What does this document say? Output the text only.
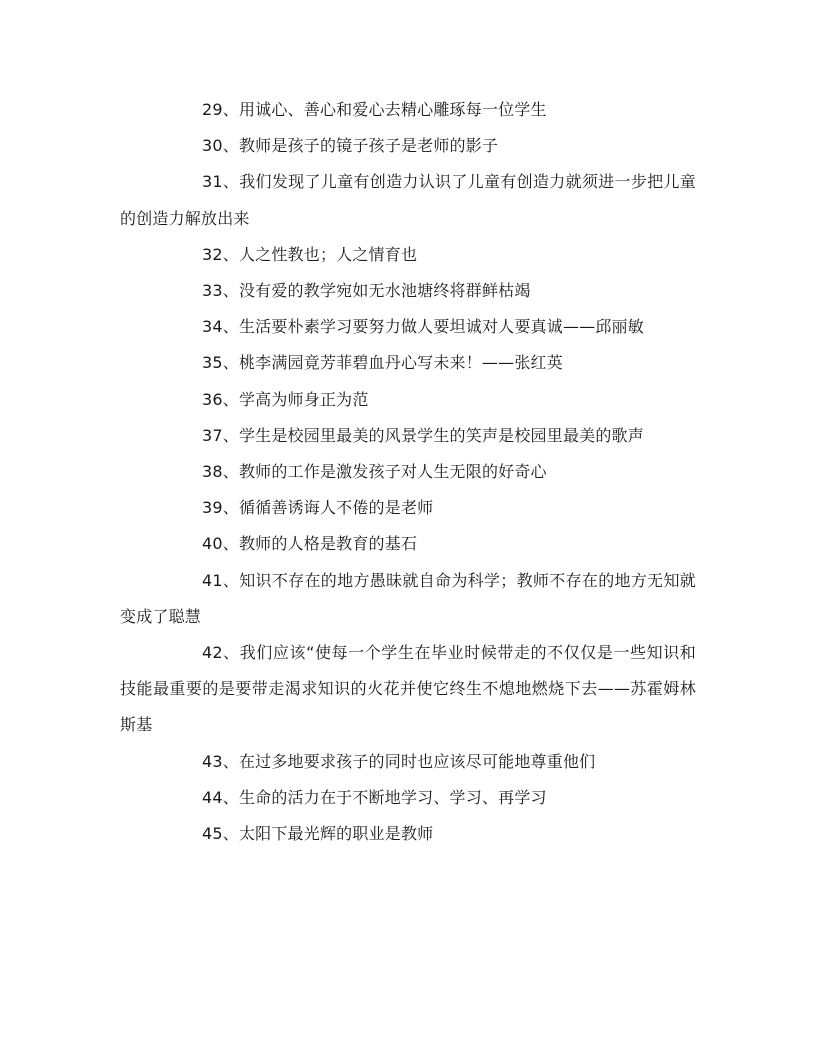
29、用诚心、善心和爱心去精心雕琢每一位学生

30、教师是孩子的镜子孩子是老师的影子

31、我们发现了儿童有创造力认识了儿童有创造力就须进一步把儿童的创造力解放出来

32、人之性教也；人之情育也

33、没有爱的教学宛如无水池塘终将群鲜枯竭

34、生活要朴素学习要努力做人要坦诚对人要真诚——邱丽敏

35、桃李满园竟芳菲碧血丹心写未来！——张红英

36、学高为师身正为范

37、学生是校园里最美的风景学生的笑声是校园里最美的歌声

38、教师的工作是激发孩子对人生无限的好奇心

39、循循善诱诲人不倦的是老师

40、教师的人格是教育的基石

41、知识不存在的地方愚昧就自命为科学；教师不存在的地方无知就变成了聪慧

42、我们应该“使每一个学生在毕业时候带走的不仅仅是一些知识和技能最重要的是要带走渴求知识的火花并使它终生不熄地燃烧下去——苏霍姆林斯基

43、在过多地要求孩子的同时也应该尽可能地尊重他们

44、生命的活力在于不断地学习、学习、再学习

45、太阳下最光辉的职业是教师
